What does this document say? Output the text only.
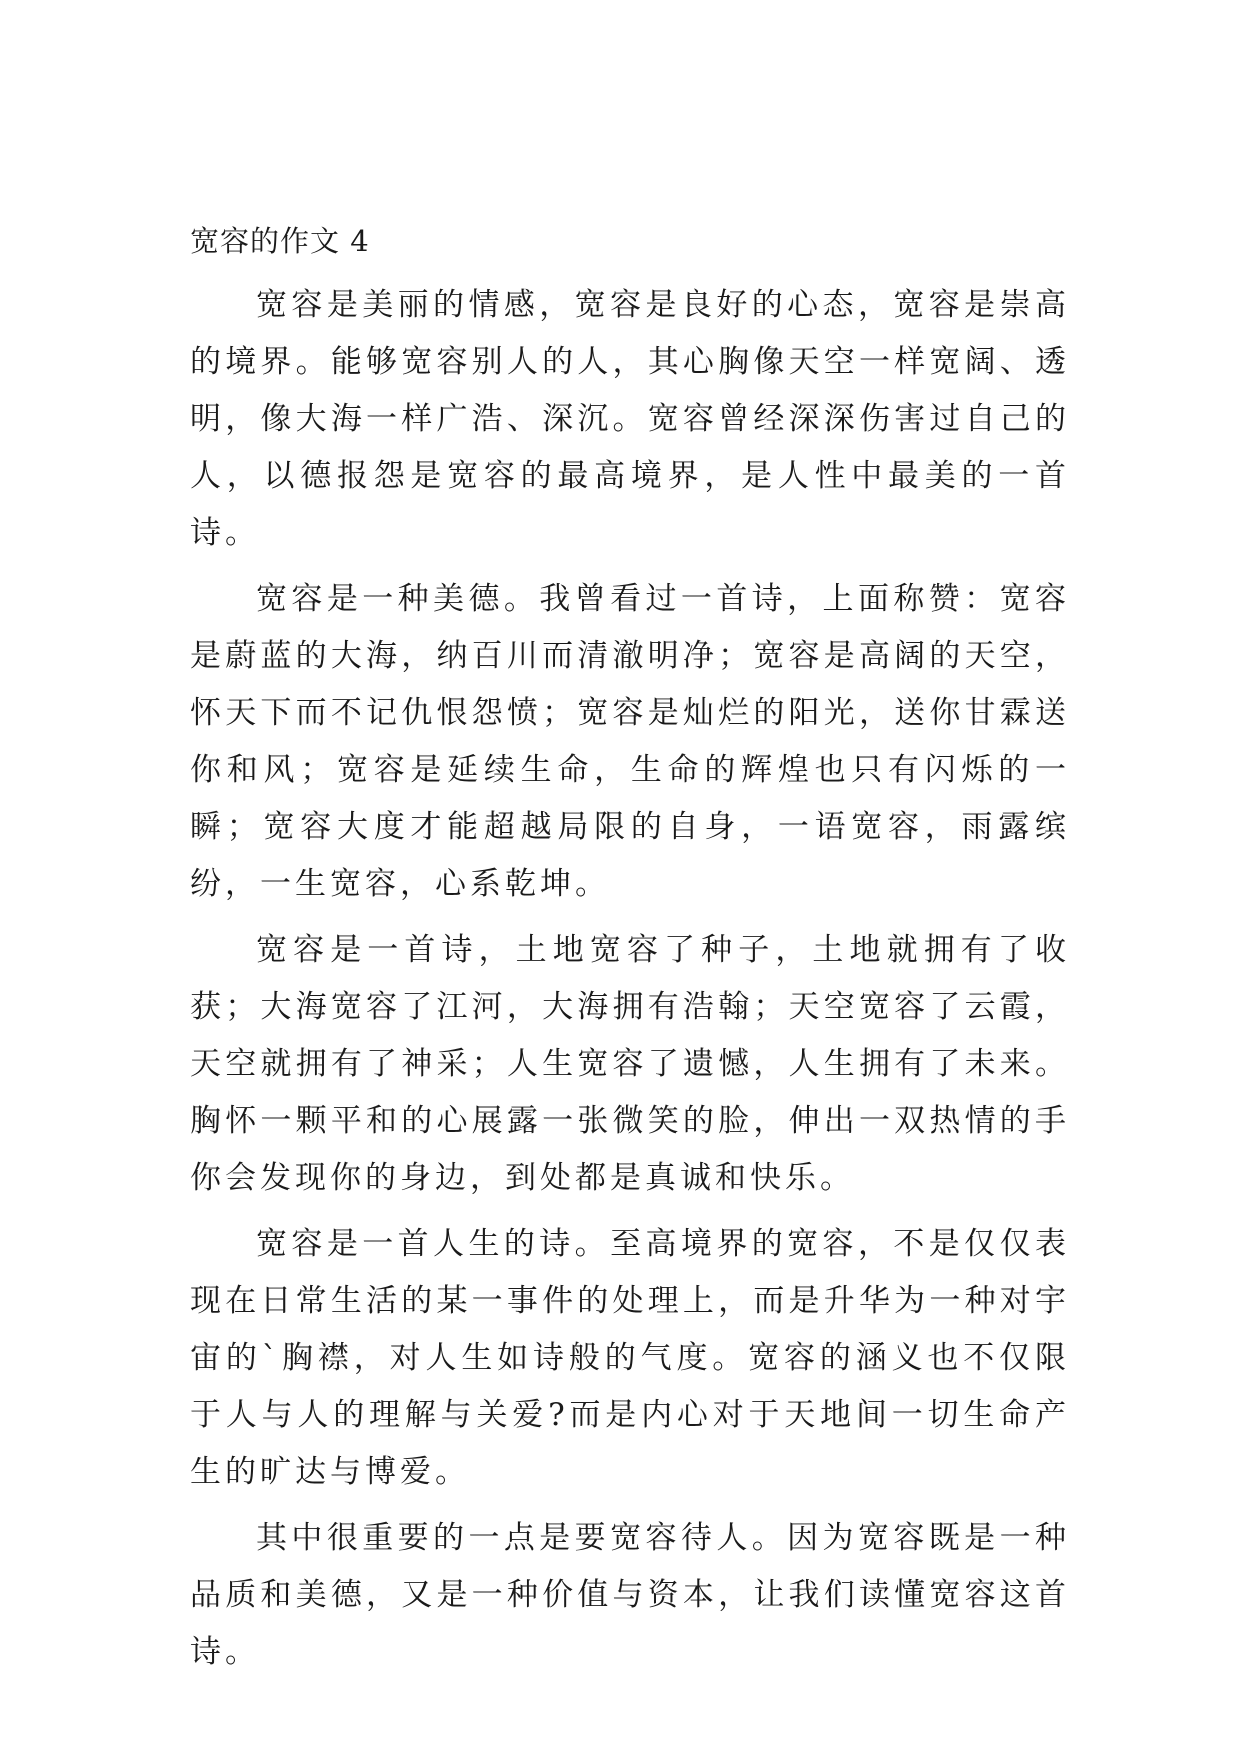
宽容的作文 4

宽容是美丽的情感，宽容是良好的心态，宽容是崇高的境界。能够宽容别人的人，其心胸像天空一样宽阔、透明，像大海一样广浩、深沉。宽容曾经深深伤害过自己的人，以德报怨是宽容的最高境界，是人性中最美的一首诗。

宽容是一种美德。我曾看过一首诗，上面称赞：宽容是蔚蓝的大海，纳百川而清澈明净；宽容是高阔的天空，怀天下而不记仇恨怨愤；宽容是灿烂的阳光，送你甘霖送你和风；宽容是延续生命，生命的辉煌也只有闪烁的一瞬；宽容大度才能超越局限的自身，一语宽容，雨露缤纷，一生宽容，心系乾坤。

宽容是一首诗，土地宽容了种子，土地就拥有了收获；大海宽容了江河，大海拥有浩翰；天空宽容了云霞，天空就拥有了神采；人生宽容了遗憾，人生拥有了未来。胸怀一颗平和的心展露一张微笑的脸，伸出一双热情的手你会发现你的身边，到处都是真诚和快乐。

宽容是一首人生的诗。至高境界的宽容，不是仅仅表现在日常生活的某一事件的处理上，而是升华为一种对宇宙的`胸襟，对人生如诗般的气度。宽容的涵义也不仅限于人与人的理解与关爱?而是内心对于天地间一切生命产生的旷达与博爱。

其中很重要的一点是要宽容待人。因为宽容既是一种品质和美德，又是一种价值与资本，让我们读懂宽容这首诗。
